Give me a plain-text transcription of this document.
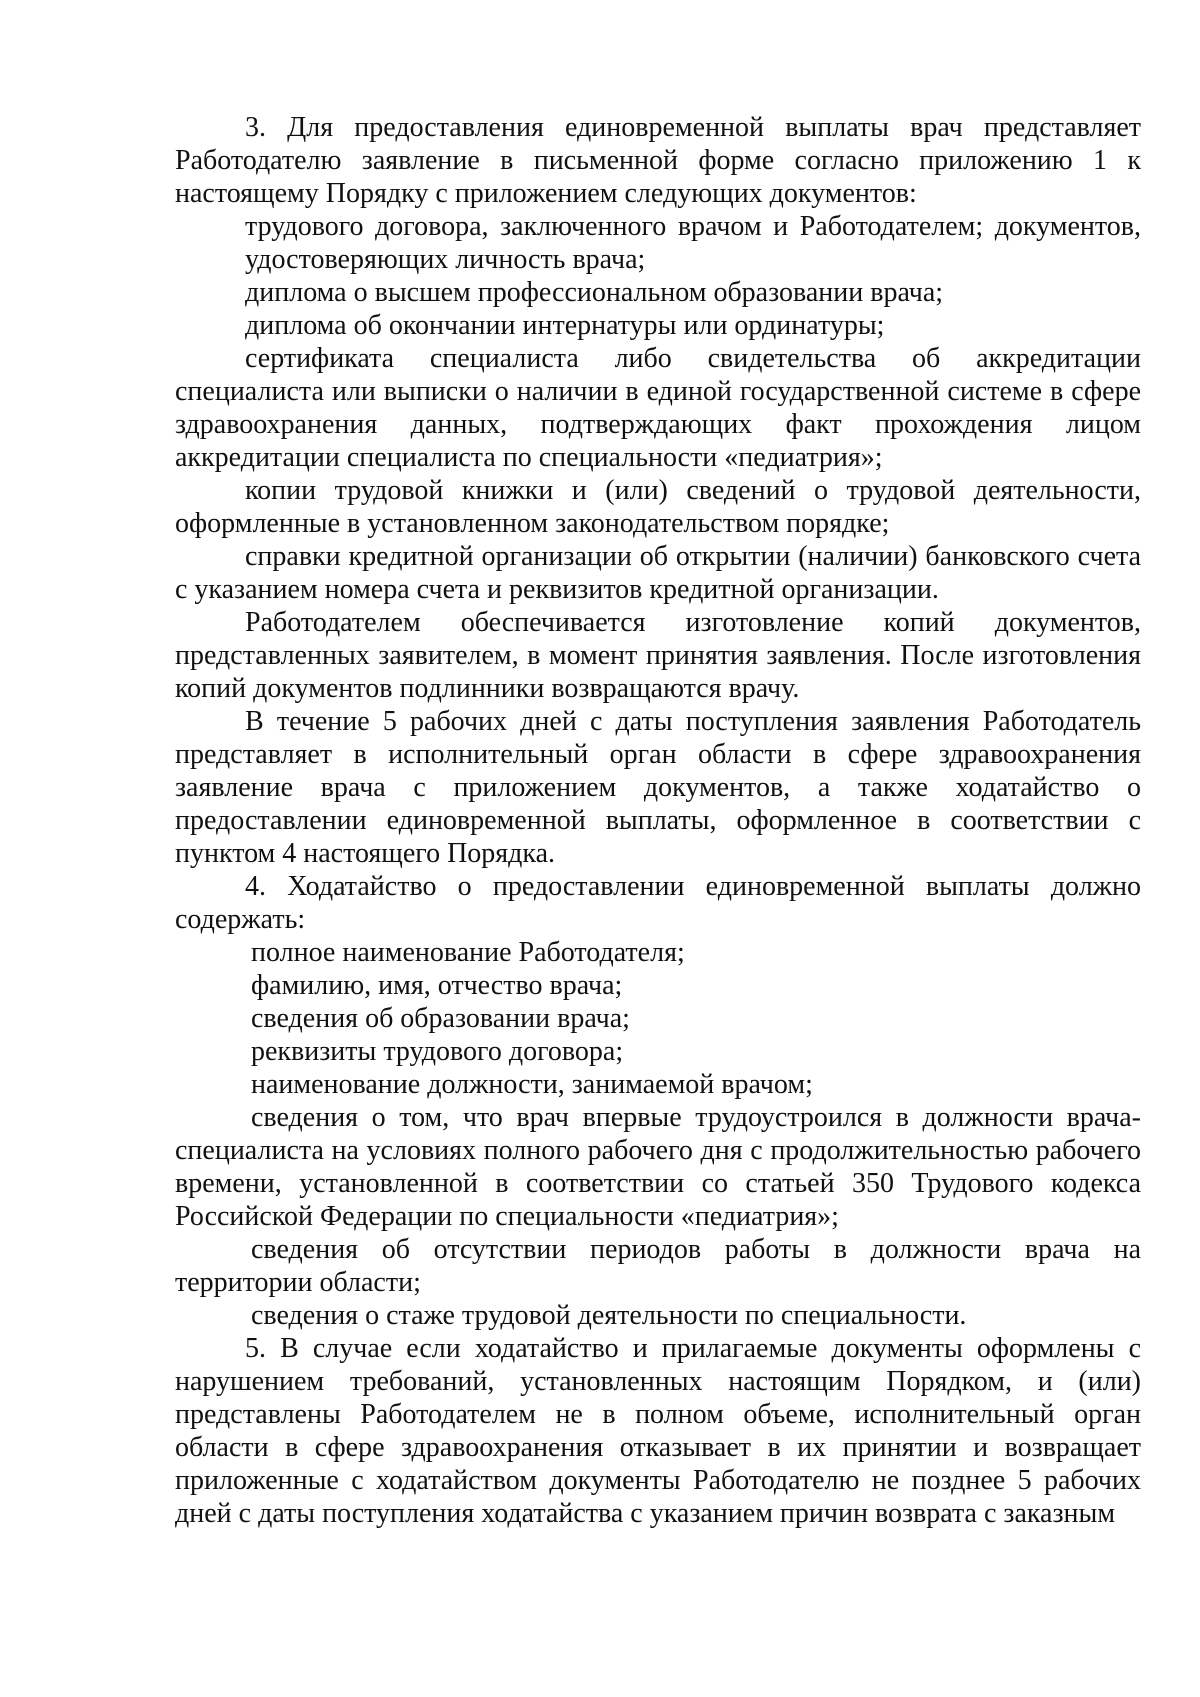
3. Для предоставления единовременной выплаты врач представляет Работодателю заявление в письменной форме согласно приложению 1 к настоящему Порядку с приложением следующих документов:

трудового договора, заключенного врачом и Работодателем; документов, удостоверяющих личность врача;

диплома о высшем профессиональном образовании врача;

диплома об окончании интернатуры или ординатуры;

сертификата специалиста либо свидетельства об аккредитации специалиста или выписки о наличии в единой государственной системе в сфере здравоохранения данных, подтверждающих факт прохождения лицом аккредитации специалиста по специальности «педиатрия»;

копии трудовой книжки и (или) сведений о трудовой деятельности, оформленные в установленном законодательством порядке;

справки кредитной организации об открытии (наличии) банковского счета с указанием номера счета и реквизитов кредитной организации.

Работодателем обеспечивается изготовление копий документов, представленных заявителем, в момент принятия заявления. После изготовления копий документов подлинники возвращаются врачу.

В течение 5 рабочих дней с даты поступления заявления Работодатель представляет в исполнительный орган области в сфере здравоохранения заявление врача с приложением документов, а также ходатайство о предоставлении единовременной выплаты, оформленное в соответствии с пунктом 4 настоящего Порядка.

4. Ходатайство о предоставлении единовременной выплаты должно содержать:

полное наименование Работодателя;

фамилию, имя, отчество врача;

сведения об образовании врача;

реквизиты трудового договора;

наименование должности, занимаемой врачом;

сведения о том, что врач впервые трудоустроился в должности врача-специалиста на условиях полного рабочего дня с продолжительностью рабочего времени, установленной в соответствии со статьей 350 Трудового кодекса Российской Федерации по специальности «педиатрия»;

сведения об отсутствии периодов работы в должности врача на территории области;

сведения о стаже трудовой деятельности по специальности.

5. В случае если ходатайство и прилагаемые документы оформлены с нарушением требований, установленных настоящим Порядком, и (или) представлены Работодателем не в полном объеме, исполнительный орган области в сфере здравоохранения отказывает в их принятии и возвращает приложенные с ходатайством документы Работодателю не позднее 5 рабочих дней с даты поступления ходатайства с указанием причин возврата с заказным
